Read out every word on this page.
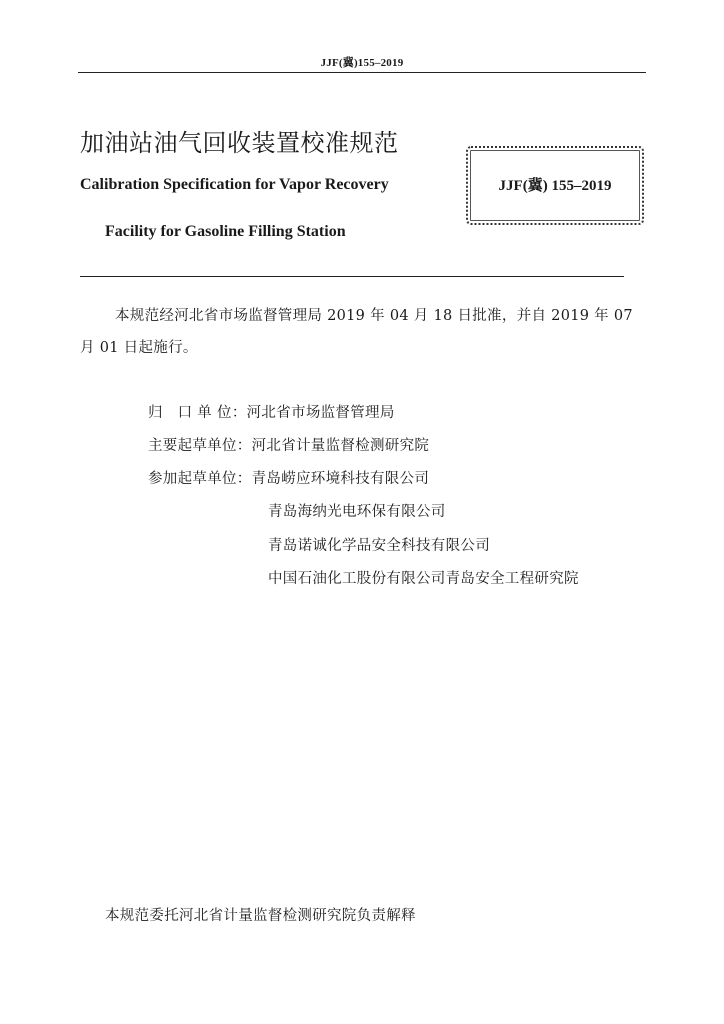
JJF(冀)155–2019
加油站油气回收装置校准规范
Calibration Specification for Vapor Recovery
Facility for Gasoline Filling Station
JJF(冀) 155–2019
本规范经河北省市场监督管理局 2019 年 04 月 18 日批准，并自 2019 年 07 月 01 日起施行。
归　口 单 位：河北省市场监督管理局
主要起草单位：河北省计量监督检测研究院
参加起草单位：青岛崂应环境科技有限公司
青岛海纳光电环保有限公司
青岛诺诚化学品安全科技有限公司
中国石油化工股份有限公司青岛安全工程研究院
本规范委托河北省计量监督检测研究院负责解释
